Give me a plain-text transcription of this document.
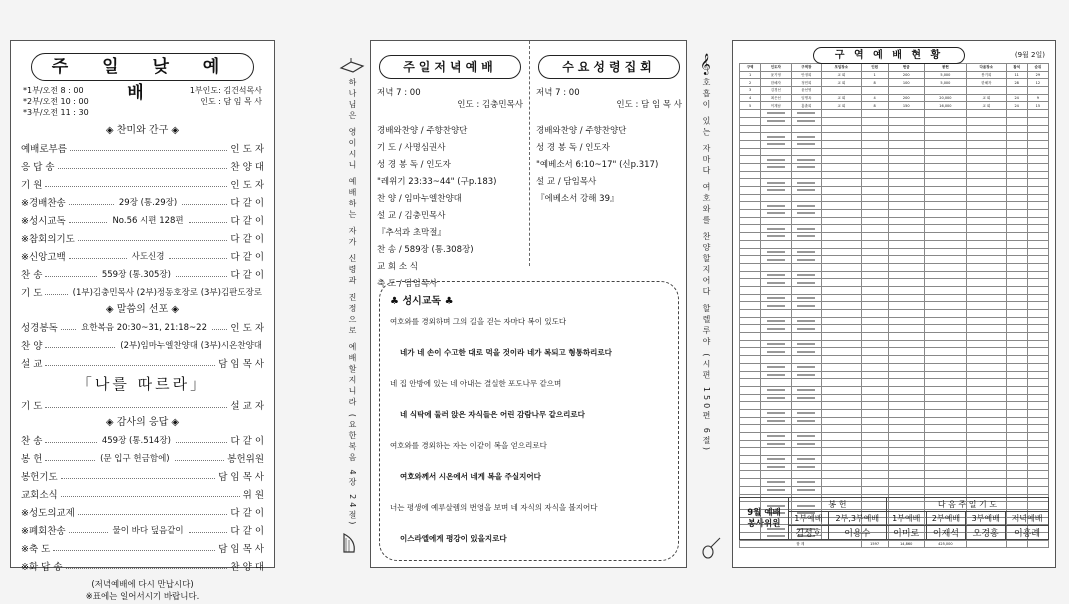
주 일 낮 예 배
*1부/오전 8 : 00
*2부/오전 10 : 00
*3부/오전 11 : 30
1부인도: 김건석목사
인도 : 담 임 목 사
◈ 찬미와 간구 ◈
예배로부름	인 도 자
응 답 송	찬 양 대
기 원	인 도 자
※경배찬송	29장 (통.29장)	다 같 이
※성시교독	No.56 시편 128편	다 같 이
※참회의기도	다 같 이
※신앙고백	사도신경	다 같 이
찬 송	559장 (통.305장)	다 같 이
기 도	(1부)김충민목사 (2부)정동호장로 (3부)김판도장로
◈ 말씀의 선포 ◈
성경봉독	요한복음 20:30~31, 21:18~22 인 도 자
찬 양	(2부)임마누엘찬양대 (3부)시온찬양대
설 교	담 임 목 사
「나를 따르라」
기 도	설 교 자
◈ 감사의 응답 ◈
찬 송	459장 (통.514장)	다 같 이
봉 헌	(문 입구 헌금함에)	봉헌위원
봉헌기도	담 임 목 사
교회소식	위 원
※성도의교제	다 같 이
※폐회찬송	물이 바다 덮음같이	다 같 이
※축 도	담 임 목 사
※화 답 송	찬 양 대
(저녁예배에 다시 만납시다)
※표에는 일어서시기 바랍니다.
하나님은 영이시니 예배하는 자가 신령과 진정으로 예배할지니라 (요한복음 4장 24절)
주일저녁예배
저녁 7 : 00
인도 : 김충민목사
경배와찬양 / 주향찬양단
기 도 / 사명심권사
성 경 봉 독 / 인도자
"레위기 23:33~44" (구p.183)
찬 양 / 임마누엘찬양대
설 교 / 김충민목사
『추석과 초막절』
찬 송 / 589장 (통.308장)
교 회 소 식
축 도 / 담임목사
수요성령집회
저녁 7 : 00
인도 : 담 임 목 사
경배와찬양 / 주향찬양단
성 경 봉 독 / 인도자
"예베소서 6:10~17" (신p.317)
설 교 / 담임목사
『에베소서 강해 39』
♣ 성시교독 ♣
여호와를 경외하며 그의 길을 걷는 자마다 복이 있도다
네가 네 손이 수고한 대로 먹을 것이라 네가 복되고 형통하리로다
네 집 안방에 있는 네 아내는 결실한 포도나무 같으며
네 식탁에 둘러 앉은 자식들은 어린 감람나무 같으리로다
여호와를 경외하는 자는 이같이 복을 얻으리로다
여호와께서 시온에서 네게 복을 주실지어다
너는 평생에 예루살렘의 번영을 보며 네 자식의 자식을 볼지어다
이스라엘에게 평강이 있을지로다
호흡이 있는 자마다 여호와를 찬양할지어다 할렐루야 (시편 150편 6절)
𝄞	구 역 예 배 현 황	(9월 2일)
구역	인도자	구역장	모임장소	인원	헌금	봉헌	다음장소	참석	순위
1	윤기영	안정희	교 회	1	200	5,000	봉기희	11	29
2	한혜자	정민희	교 회	8	100	5,000	한혜자	28	12
3	김경선	윤선영							
4	최은선	임명옥	교 회	4	200	20,000	교 회	24	9
5	이계남	홍춘희	교 회	8	150	16,000	교 회	24	15

합 계				1597	14,860	425,000			
9월 예배 봉사위원	봉 헌		다 음 주 일 기 도			
	1부예배	2부,3부예배	1부예배	2부예배	3부예배	저녁예배
	김성호	이용수	이미로	이재석	오경홍	이홍례
